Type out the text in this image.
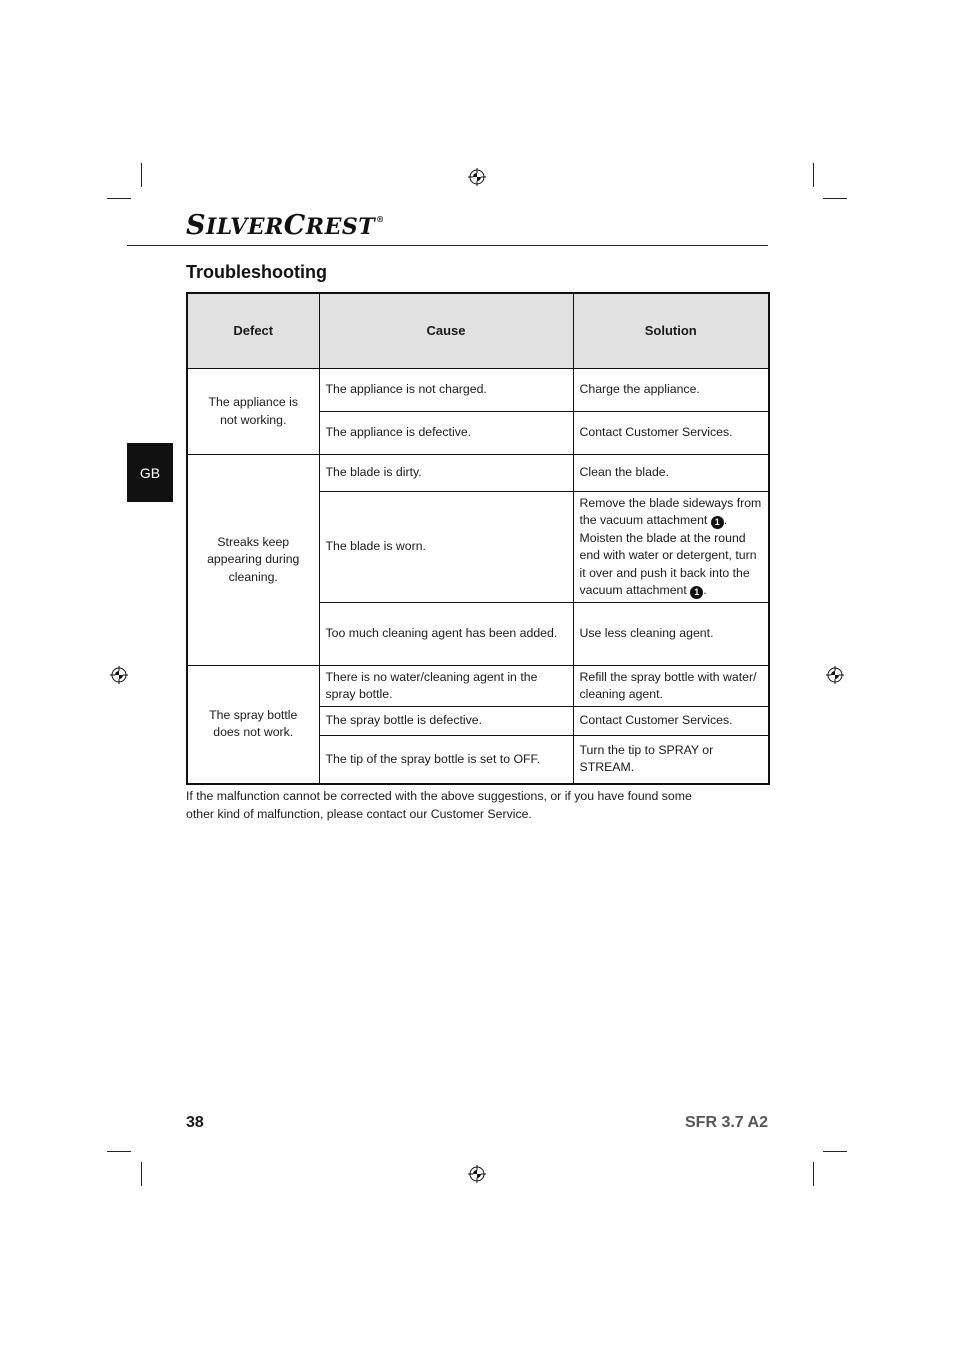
SILVERCREST®
GB
Troubleshooting
Defect	Cause	Solution
The appliance is not working.	The appliance is not charged.	Charge the appliance.
	The appliance is defective.	Contact Customer Services.
Streaks keep appearing during cleaning.	The blade is dirty.	Clean the blade.
	The blade is worn.	Remove the blade sideways from the vacuum attachment 1 . Moisten the blade at the round end with water or detergent, turn it over and push it back into the vacuum attachment 1 .
	Too much cleaning agent has been added.	Use less cleaning agent.
The spray bottle does not work.	There is no water/cleaning agent in the spray bottle.	Refill the spray bottle with water/ cleaning agent.
	The spray bottle is defective.	Contact Customer Services.
	The tip of the spray bottle is set to OFF.	Turn the tip to SPRAY or STREAM.

If the malfunction cannot be corrected with the above suggestions, or if you have found some other kind of malfunction, please contact our Customer Service.

38	SFR 3.7 A2
